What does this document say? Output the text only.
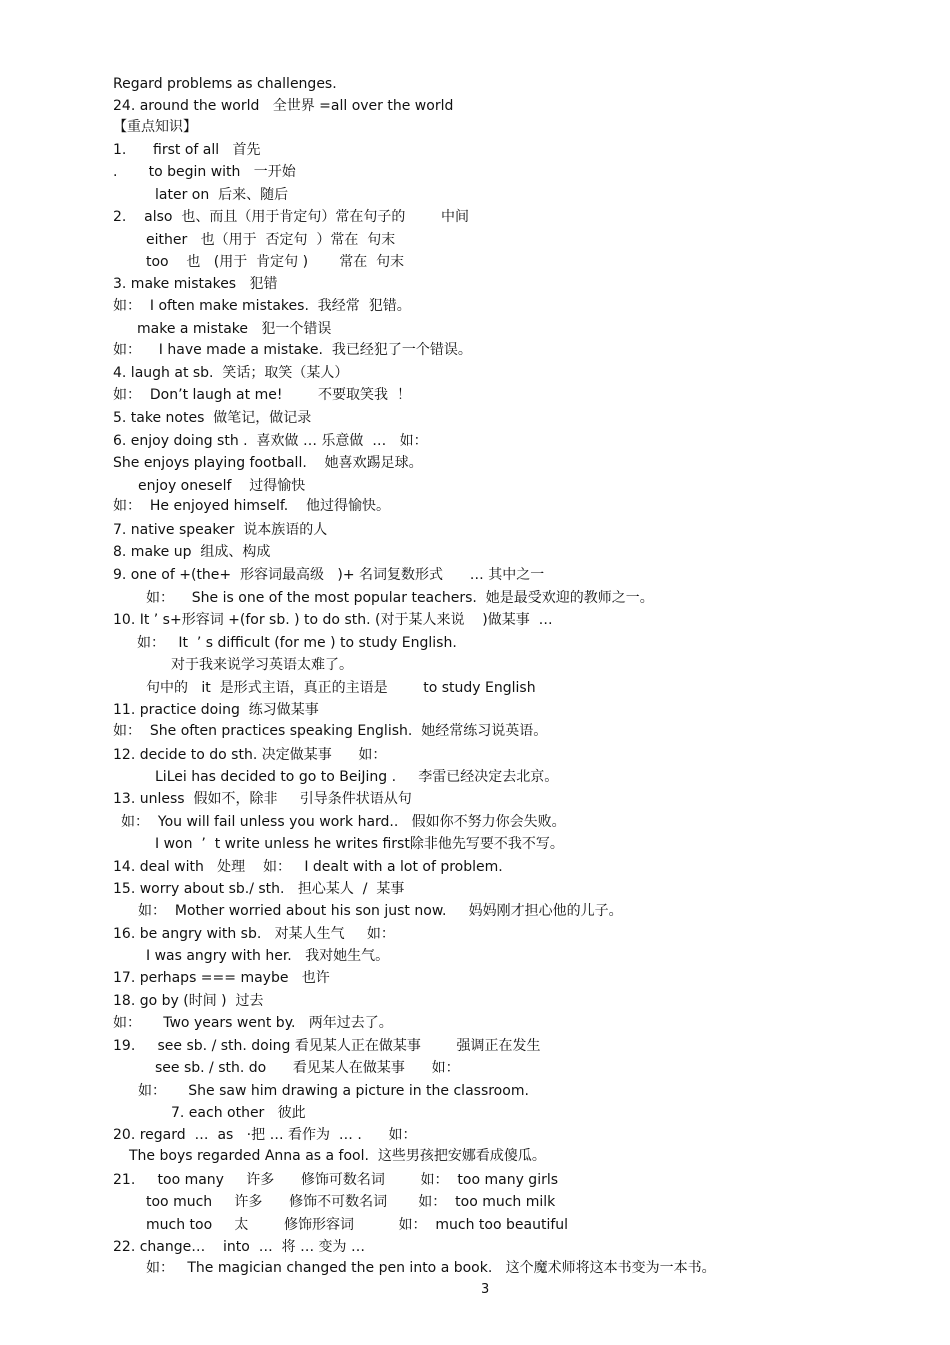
Regard problems as challenges.
24. around the world   全世界 =all over the world
【重点知识】
1.      first of all   首先
.       to begin with   一开始
later on  后来、随后
2.    also  也、而且（用于肯定句）常在句子的        中间
either   也（用于  否定句  ）常在  句末
too    也   (用于  肯定句 )       常在  句末
3. make mistakes   犯错
如：  I often make mistakes.  我经常  犯错。
make a mistake   犯一个错误
如：    I have made a mistake.  我已经犯了一个错误。
4. laugh at sb.  笑话；取笑（某人）
如：  Don’t laugh at me!        不要取笑我  ！
5. take notes  做笔记，做记录
6. enjoy doing sth .  喜欢做 … 乐意做  …   如：
She enjoys playing football.    她喜欢踢足球。
enjoy oneself    过得愉快
如：  He enjoyed himself.    他过得愉快。
7. native speaker  说本族语的人
8. make up  组成、构成
9. one of +(the+  形容词最高级   )+ 名词复数形式      … 其中之一
如：    She is one of the most popular teachers.  她是最受欢迎的教师之一。
10. It ’ s+形容词 +(for sb. ) to do sth. (对于某人来说    )做某事  …
如：   It  ’ s difficult (for me ) to study English.
对于我来说学习英语太难了。
句中的   it  是形式主语，真正的主语是        to study English
11. practice doing  练习做某事
如：  She often practices speaking English.  她经常练习说英语。
12. decide to do sth. 决定做某事      如：
LiLei has decided to go to BeiJing .     李雷已经决定去北京。
13. unless  假如不，除非     引导条件状语从句
如：  You will fail unless you work hard..   假如你不努力你会失败。
I won  ’  t write unless he writes first除非他先写要不我不写。
14. deal with   处理    如：   I dealt with a lot of problem.
15. worry about sb./ sth.   担心某人  /  某事
如：  Mother worried about his son just now.     妈妈刚才担心他的儿子。
16. be angry with sb.   对某人生气     如：
I was angry with her.   我对她生气。
17. perhaps === maybe   也许
18. go by (时间 )  过去
如：     Two years went by.   两年过去了。
19.     see sb. / sth. doing 看见某人正在做某事        强调正在发生
see sb. / sth. do      看见某人在做某事      如：
如：     She saw him drawing a picture in the classroom.
7. each other   彼此
20. regard  …  as   ·把 … 看作为  … .      如：
The boys regarded Anna as a fool.  这些男孩把安娜看成傻瓜。
21.     too many     许多      修饰可数名词        如：  too many girls
too much     许多      修饰不可数名词       如：  too much milk
much too     太        修饰形容词          如：  much too beautiful
22. change…    into  …  将 … 变为 …
如：   The magician changed the pen into a book.   这个魔术师将这本书变为一本书。
3
